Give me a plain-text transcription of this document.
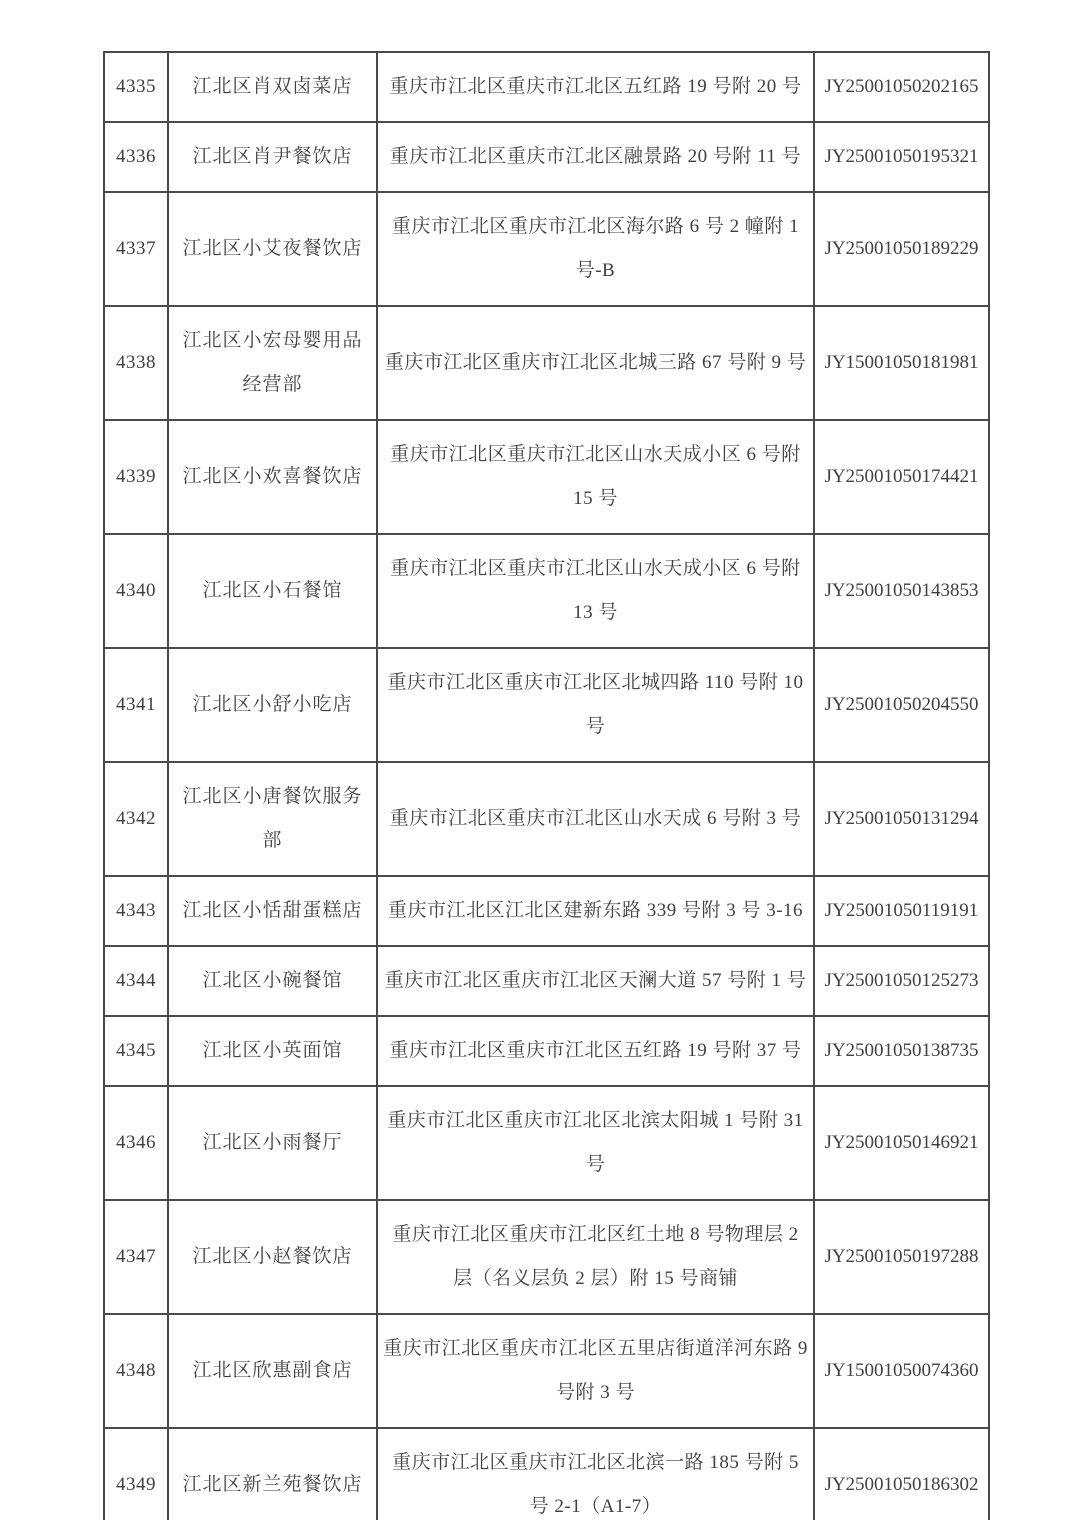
4335	江北区肖双卤菜店	重庆市江北区重庆市江北区五红路 19 号附 20 号	JY25001050202165
4336	江北区肖尹餐饮店	重庆市江北区重庆市江北区融景路 20 号附 11 号	JY25001050195321
4337	江北区小艾夜餐饮店	重庆市江北区重庆市江北区海尔路 6 号 2 幢附 1 号-B	JY25001050189229
4338	江北区小宏母婴用品经营部	重庆市江北区重庆市江北区北城三路 67 号附 9 号	JY15001050181981
4339	江北区小欢喜餐饮店	重庆市江北区重庆市江北区山水天成小区 6 号附 15 号	JY25001050174421
4340	江北区小石餐馆	重庆市江北区重庆市江北区山水天成小区 6 号附 13 号	JY25001050143853
4341	江北区小舒小吃店	重庆市江北区重庆市江北区北城四路 110 号附 10 号	JY25001050204550
4342	江北区小唐餐饮服务部	重庆市江北区重庆市江北区山水天成 6 号附 3 号	JY25001050131294
4343	江北区小恬甜蛋糕店	重庆市江北区江北区建新东路 339 号附 3 号 3-16	JY25001050119191
4344	江北区小碗餐馆	重庆市江北区重庆市江北区天澜大道 57 号附 1 号	JY25001050125273
4345	江北区小英面馆	重庆市江北区重庆市江北区五红路 19 号附 37 号	JY25001050138735
4346	江北区小雨餐厅	重庆市江北区重庆市江北区北滨太阳城 1 号附 31 号	JY25001050146921
4347	江北区小赵餐饮店	重庆市江北区重庆市江北区红土地 8 号物理层 2 层（名义层负 2 层）附 15 号商铺	JY25001050197288
4348	江北区欣惠副食店	重庆市江北区重庆市江北区五里店街道洋河东路 9 号附 3 号	JY15001050074360
4349	江北区新兰苑餐饮店	重庆市江北区重庆市江北区北滨一路 185 号附 5 号 2-1（A1-7）	JY25001050186302
